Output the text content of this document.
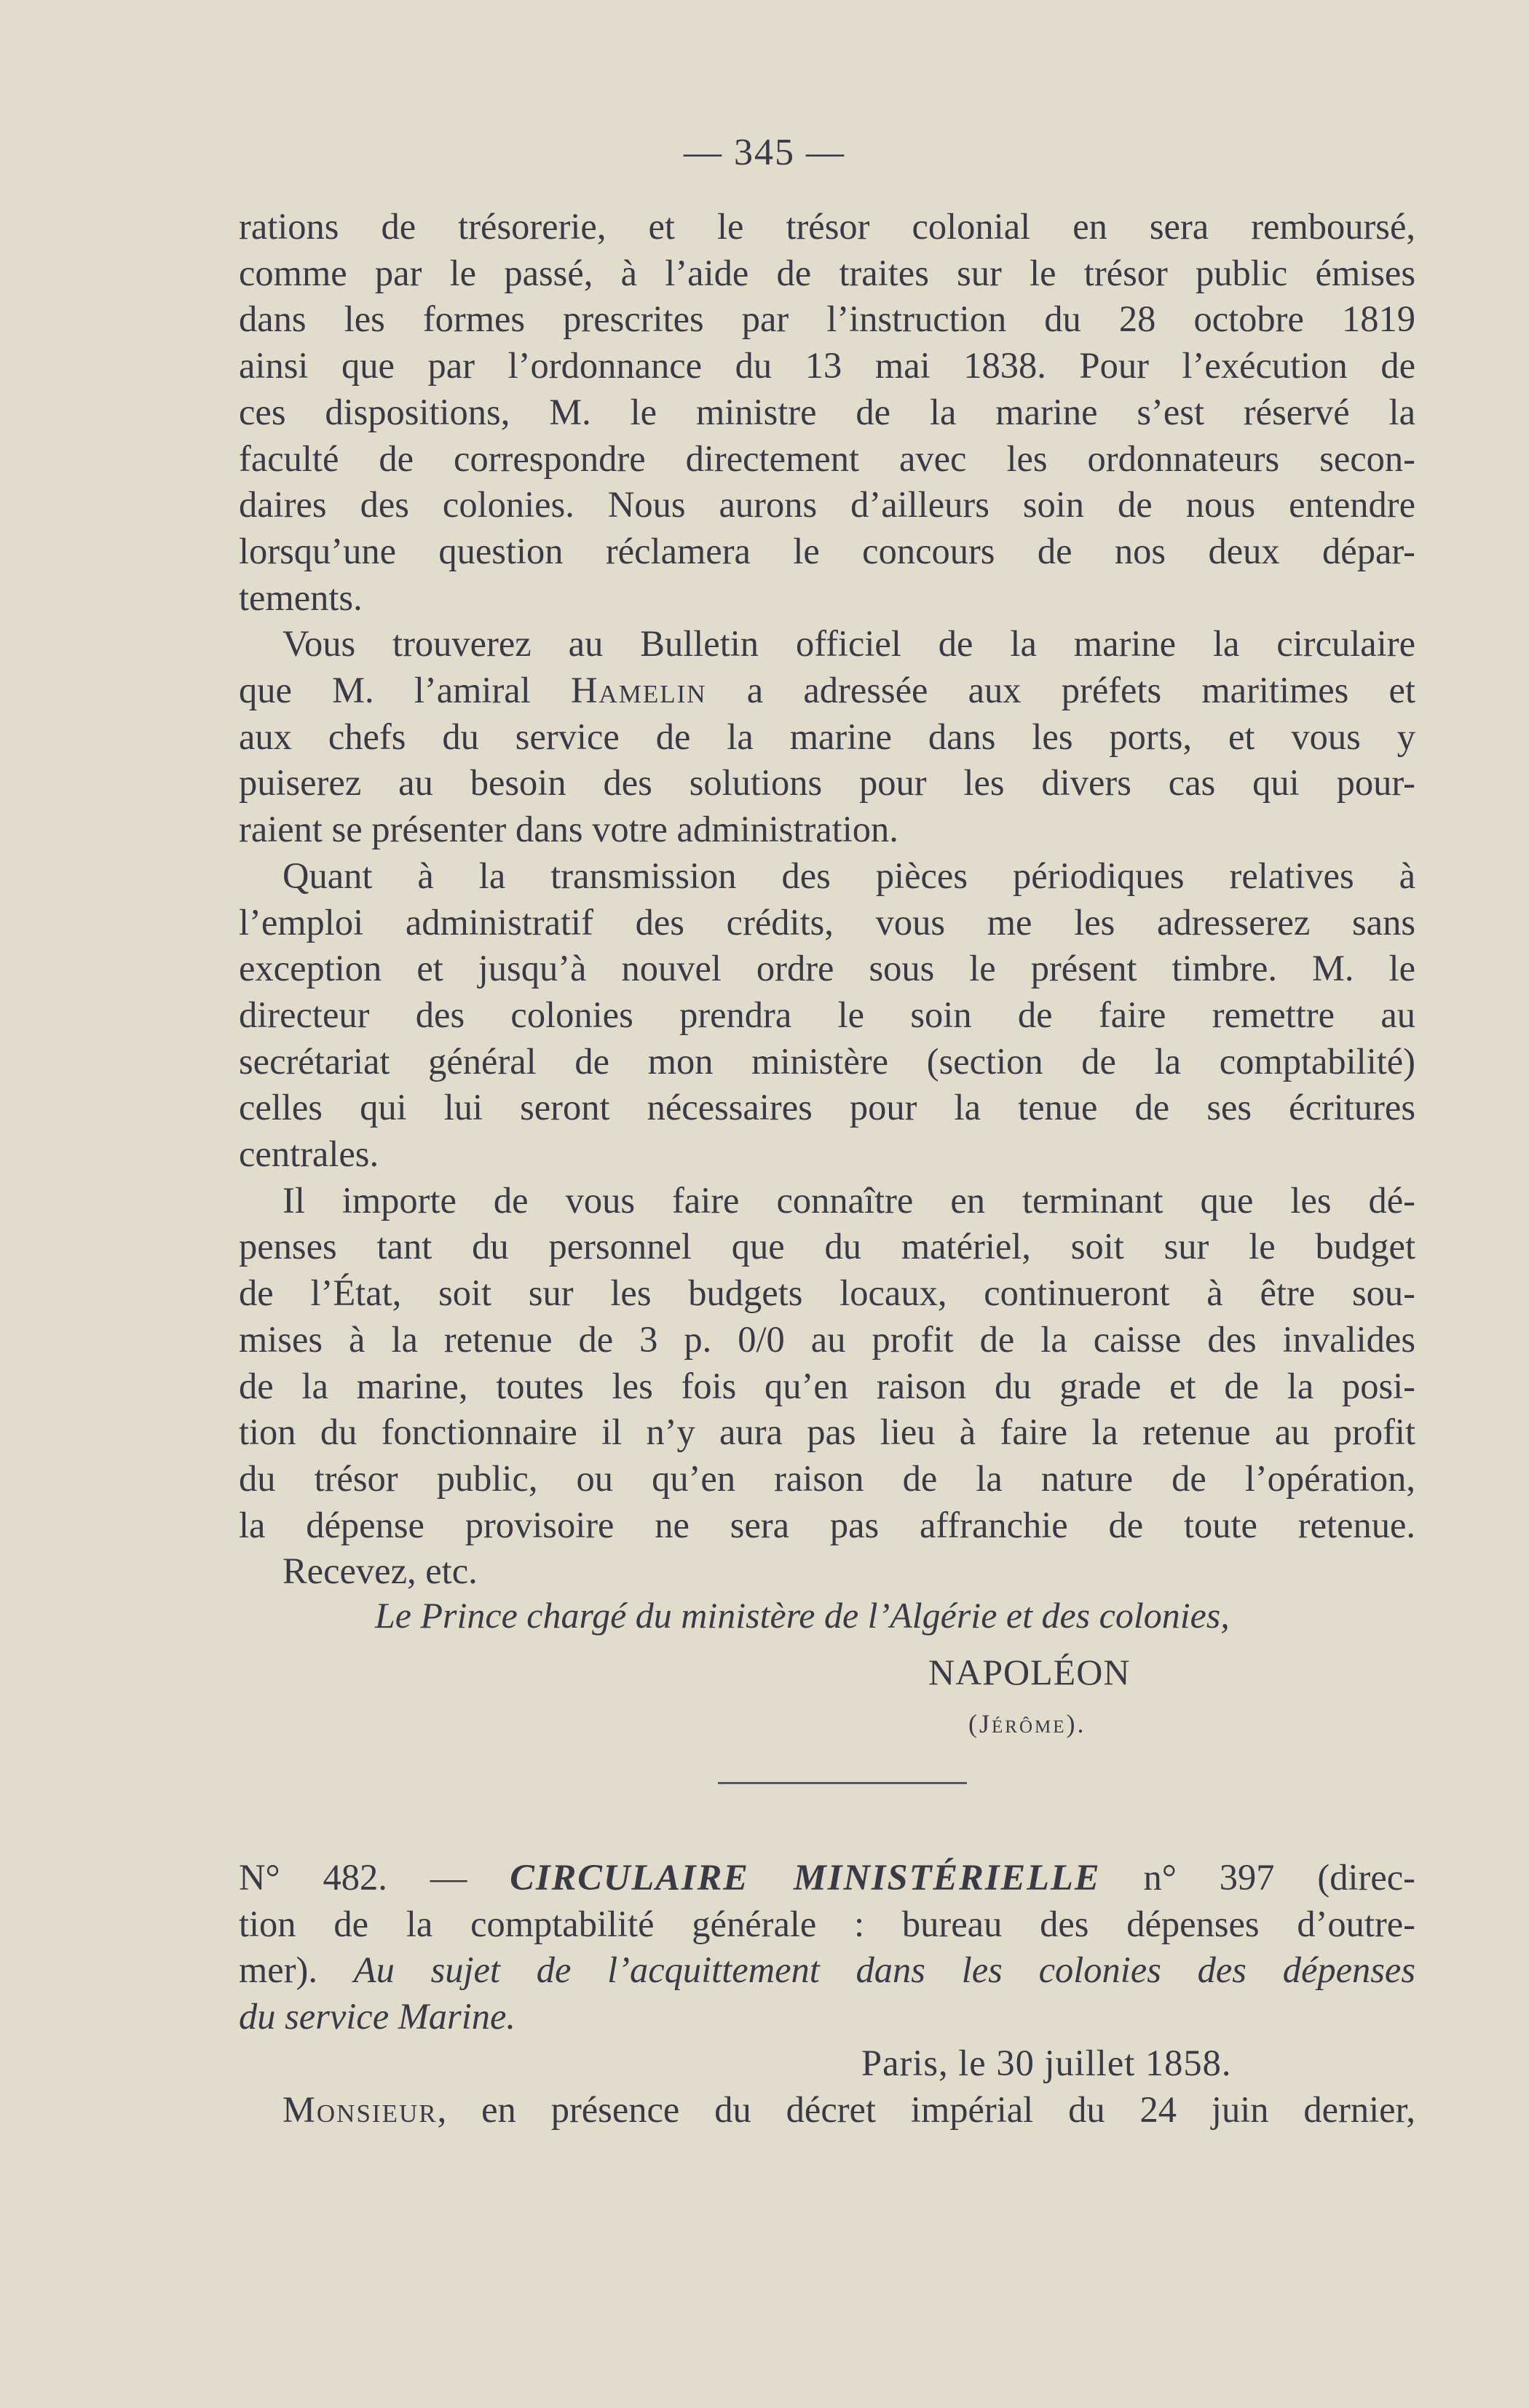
— 345 —
rations de trésorerie, et le trésor colonial en sera remboursé,
comme par le passé, à l’aide de traites sur le trésor public émises
dans les formes prescrites par l’instruction du 28 octobre 1819
ainsi que par l’ordonnance du 13 mai 1838. Pour l’exécution de
ces dispositions, M. le ministre de la marine s’est réservé la
faculté de correspondre directement avec les ordonnateurs secon-
daires des colonies. Nous aurons d’ailleurs soin de nous entendre
lorsqu’une question réclamera le concours de nos deux dépar-
tements.
Vous trouverez au Bulletin officiel de la marine la circulaire
que M. l’amiral Hamelin a adressée aux préfets maritimes et
aux chefs du service de la marine dans les ports, et vous y
puiserez au besoin des solutions pour les divers cas qui pour-
raient se présenter dans votre administration.
Quant à la transmission des pièces périodiques relatives à
l’emploi administratif des crédits, vous me les adresserez sans
exception et jusqu’à nouvel ordre sous le présent timbre. M. le
directeur des colonies prendra le soin de faire remettre au
secrétariat général de mon ministère (section de la comptabilité)
celles qui lui seront nécessaires pour la tenue de ses écritures
centrales.
Il importe de vous faire connaître en terminant que les dé-
penses tant du personnel que du matériel, soit sur le budget
de l’État, soit sur les budgets locaux, continueront à être sou-
mises à la retenue de 3 p. 0/0 au profit de la caisse des invalides
de la marine, toutes les fois qu’en raison du grade et de la posi-
tion du fonctionnaire il n’y aura pas lieu à faire la retenue au profit
du trésor public, ou qu’en raison de la nature de l’opération,
la dépense provisoire ne sera pas affranchie de toute retenue.
Recevez, etc.
Le Prince chargé du ministère de l’Algérie et des colonies,
NAPOLÉON
(Jérôme).
N° 482. — CIRCULAIRE MINISTÉRIELLE n° 397 (direc-
tion de la comptabilité générale : bureau des dépenses d’outre-
mer). Au sujet de l’acquittement dans les colonies des dépenses
du service Marine.
Paris, le 30 juillet 1858.
Monsieur, en présence du décret impérial du 24 juin dernier,
